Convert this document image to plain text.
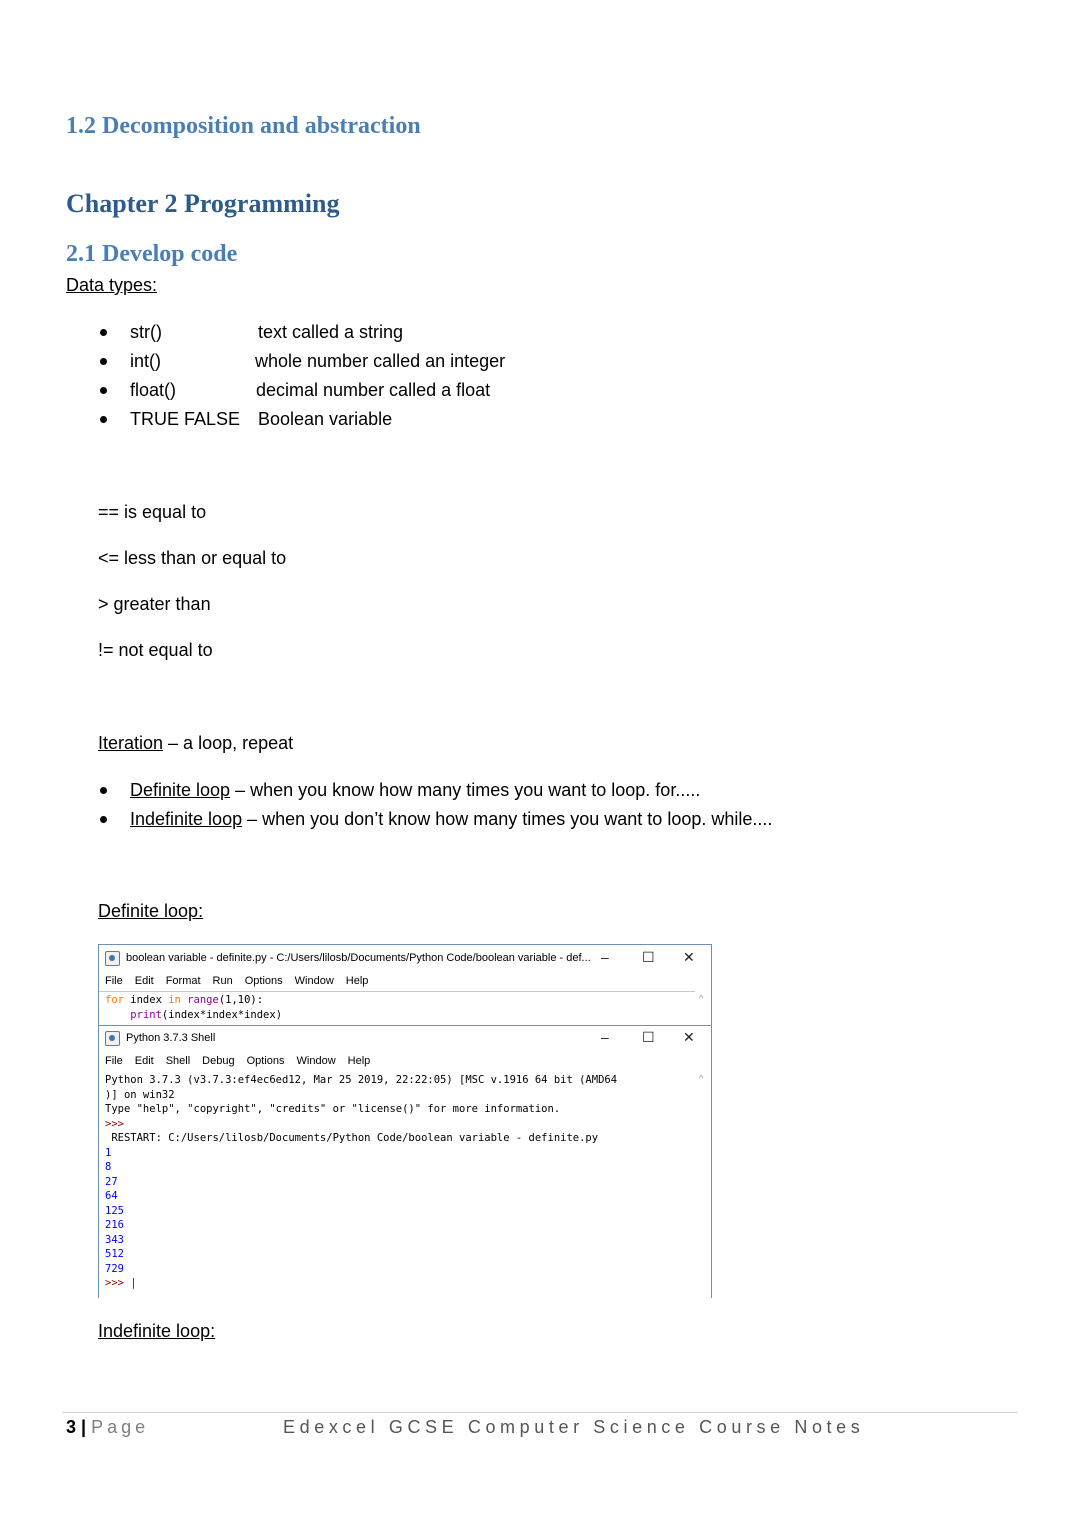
1.2 Decomposition and abstraction
Chapter 2 Programming
2.1 Develop code
Data types:
str()	text called a string
int()	whole number called an integer
float()	decimal number called a float
TRUE FALSE Boolean variable
== is equal to
<= less than or equal to
> greater than
!= not equal to
Iteration – a loop, repeat
Definite loop – when you know how many times you want to loop. for.....
Indefinite loop – when you don’t know how many times you want to loop. while....
Definite loop:
boolean variable - definite.py - C:/Users/lilosb/Documents/Python Code/boolean variable - def... – ☐ ✕
File Edit Format Run Options Window Help
for index in range(1,10):
print(index*index*index)
^
Python 3.7.3 Shell	– ☐ ✕
File Edit Shell Debug Options Window Help
^
Python 3.7.3 (v3.7.3:ef4ec6ed12, Mar 25 2019, 22:22:05) [MSC v.1916 64 bit (AMD64
)] on win32
Type "help", "copyright", "credits" or "license()" for more information.
>>>
RESTART: C:/Users/lilosb/Documents/Python Code/boolean variable - definite.py
1
8
27
64
125
216
343
512
729
>>> |
Indefinite loop:
3 | Page	Edexcel GCSE Computer Science Course Notes
